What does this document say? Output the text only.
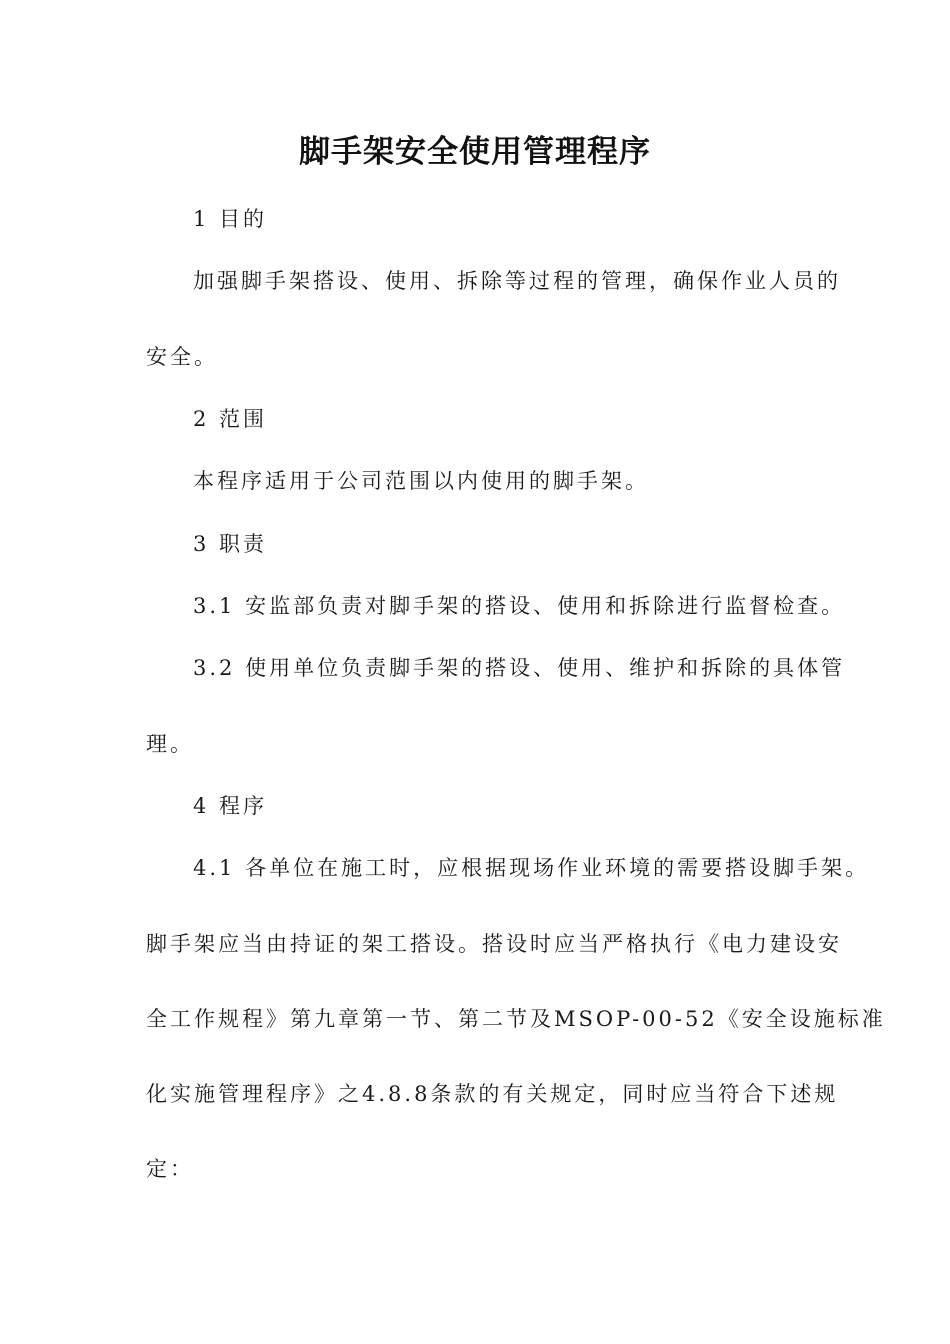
脚手架安全使用管理程序
1 目的
加强脚手架搭设、使用、拆除等过程的管理，确保作业人员的
安全。
2 范围
本程序适用于公司范围以内使用的脚手架。
3 职责
3.1 安监部负责对脚手架的搭设、使用和拆除进行监督检查。
3.2 使用单位负责脚手架的搭设、使用、维护和拆除的具体管
理。
4 程序
4.1 各单位在施工时，应根据现场作业环境的需要搭设脚手架。
脚手架应当由持证的架工搭设。搭设时应当严格执行《电力建设安
全工作规程》第九章第一节、第二节及MSOP-00-52《安全设施标准
化实施管理程序》之4.8.8条款的有关规定，同时应当符合下述规
定：
